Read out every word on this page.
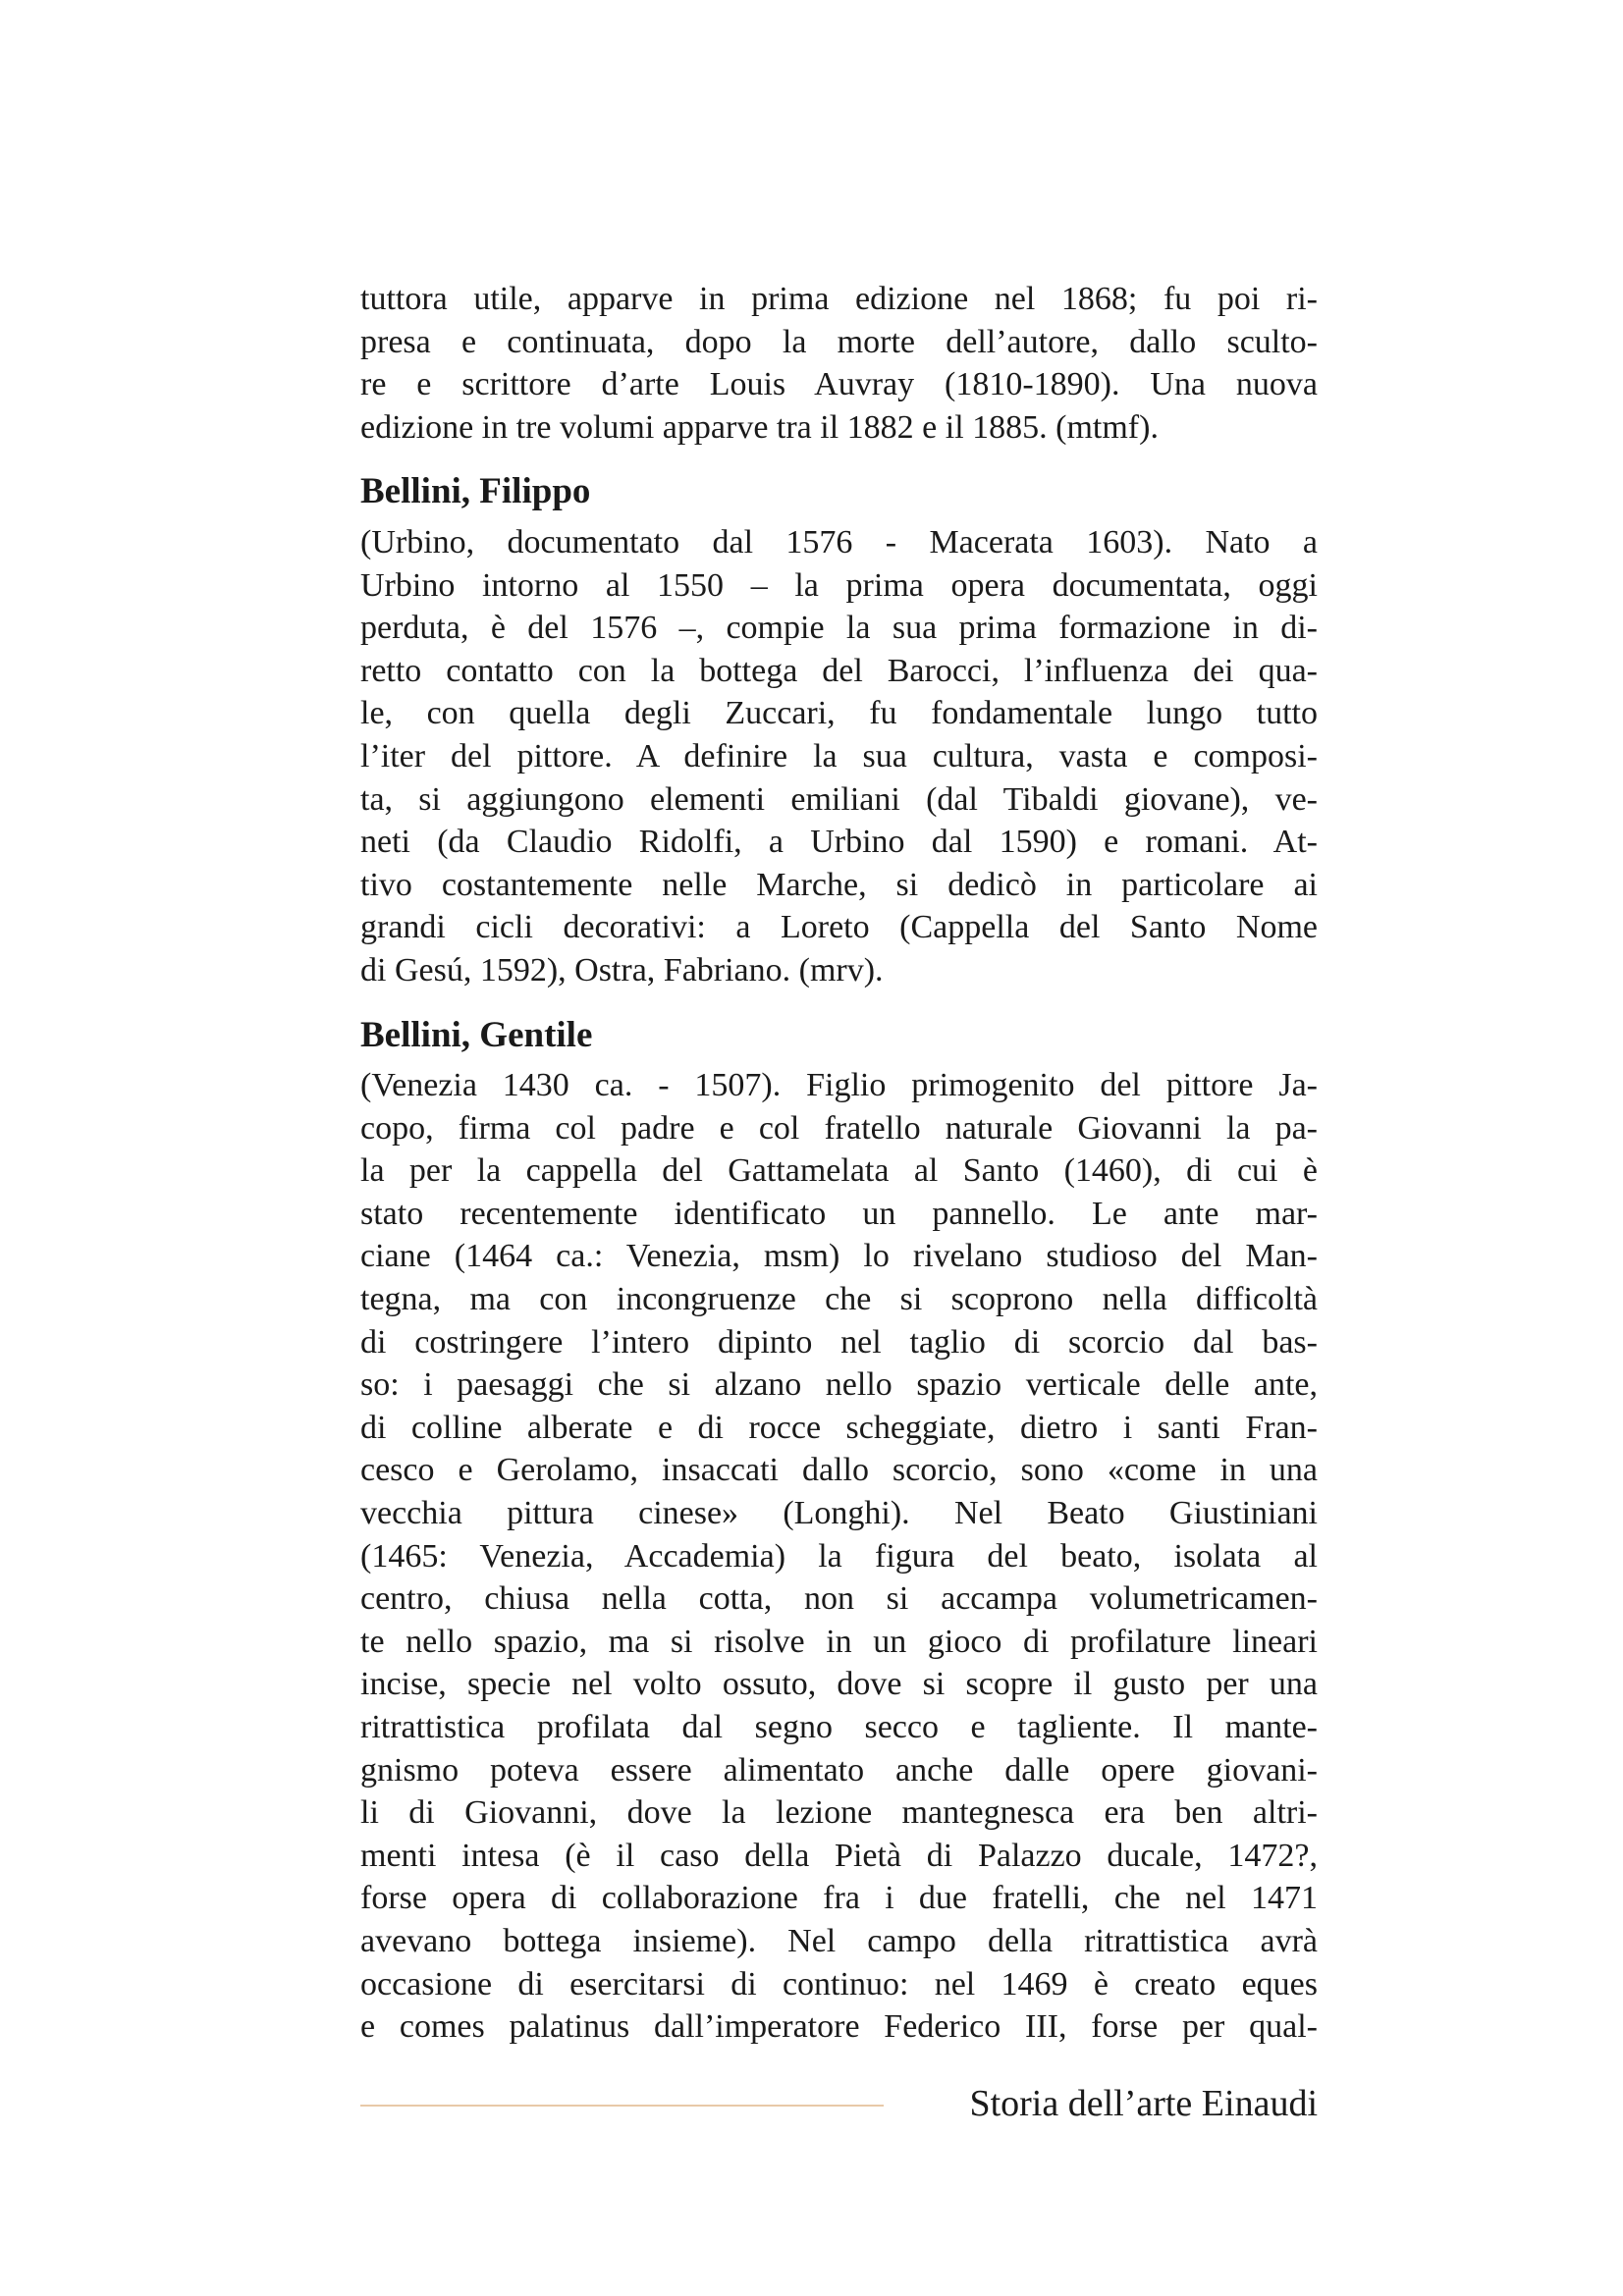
tuttora utile, apparve in prima edizione nel 1868; fu poi ri-
presa e continuata, dopo la morte dell’autore, dallo sculto-
re e scrittore d’arte Louis Auvray (1810-1890). Una nuova
edizione in tre volumi apparve tra il 1882 e il 1885. (mtmf).

Bellini, Filippo

(Urbino, documentato dal 1576 - Macerata 1603). Nato a
Urbino intorno al 1550 – la prima opera documentata, oggi
perduta, è del 1576 –, compie la sua prima formazione in di-
retto contatto con la bottega del Barocci, l’influenza dei qua-
le, con quella degli Zuccari, fu fondamentale lungo tutto
l’iter del pittore. A definire la sua cultura, vasta e composi-
ta, si aggiungono elementi emiliani (dal Tibaldi giovane), ve-
neti (da Claudio Ridolfi, a Urbino dal 1590) e romani. At-
tivo costantemente nelle Marche, si dedicò in particolare ai
grandi cicli decorativi: a Loreto (Cappella del Santo Nome
di Gesú, 1592), Ostra, Fabriano. (mrv).

Bellini, Gentile

(Venezia 1430 ca. - 1507). Figlio primogenito del pittore Ja-
copo, firma col padre e col fratello naturale Giovanni la pa-
la per la cappella del Gattamelata al Santo (1460), di cui è
stato recentemente identificato un pannello. Le ante mar-
ciane (1464 ca.: Venezia, msm) lo rivelano studioso del Man-
tegna, ma con incongruenze che si scoprono nella difficoltà
di costringere l’intero dipinto nel taglio di scorcio dal bas-
so: i paesaggi che si alzano nello spazio verticale delle ante,
di colline alberate e di rocce scheggiate, dietro i santi Fran-
cesco e Gerolamo, insaccati dallo scorcio, sono «come in una
vecchia pittura cinese» (Longhi). Nel Beato Giustiniani
(1465: Venezia, Accademia) la figura del beato, isolata al
centro, chiusa nella cotta, non si accampa volumetricamen-
te nello spazio, ma si risolve in un gioco di profilature lineari
incise, specie nel volto ossuto, dove si scopre il gusto per una
ritrattistica profilata dal segno secco e tagliente. Il mante-
gnismo poteva essere alimentato anche dalle opere giovani-
li di Giovanni, dove la lezione mantegnesca era ben altri-
menti intesa (è il caso della Pietà di Palazzo ducale, 1472?,
forse opera di collaborazione fra i due fratelli, che nel 1471
avevano bottega insieme). Nel campo della ritrattistica avrà
occasione di esercitarsi di continuo: nel 1469 è creato eques
e comes palatinus dall’imperatore Federico III, forse per qual-

Storia dell’arte Einaudi
